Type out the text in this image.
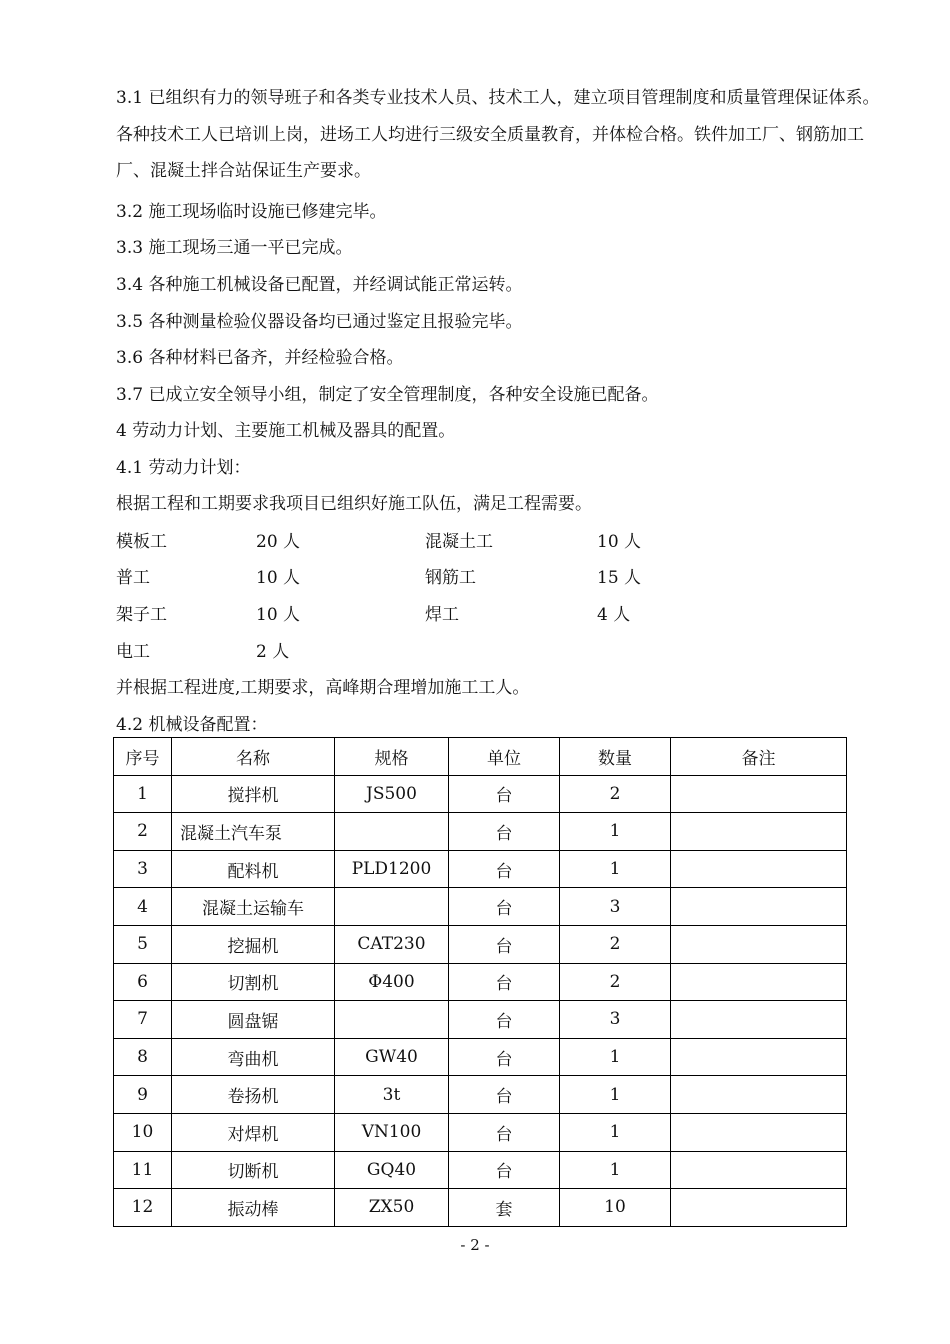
3.1 已组织有力的领导班子和各类专业技术人员、技术工人，建立项目管理制度和质量管理保证体系。各种技术工人已培训上岗，进场工人均进行三级安全质量教育，并体检合格。铁件加工厂、钢筋加工厂、混凝土拌合站保证生产要求。
3.2 施工现场临时设施已修建完毕。
3.3 施工现场三通一平已完成。
3.4 各种施工机械设备已配置，并经调试能正常运转。
3.5 各种测量检验仪器设备均已通过鉴定且报验完毕。
3.6 各种材料已备齐，并经检验合格。
3.7 已成立安全领导小组，制定了安全管理制度，各种安全设施已配备。
4 劳动力计划、主要施工机械及器具的配置。
4.1 劳动力计划：
根据工程和工期要求我项目已组织好施工队伍，满足工程需要。
模板工	20 人	混凝土工	10 人
普工	10 人	钢筋工	15 人
架子工	10 人	焊工	4 人
电工	2 人
并根据工程进度,工期要求，高峰期合理增加施工工人。
4.2 机械设备配置：
序号	名称	规格	单位	数量	备注
1	搅拌机	JS500	台	2	
2	混凝土汽车泵		台	1	
3	配料机	PLD1200	台	1	
4	混凝土运输车		台	3	
5	挖掘机	CAT230	台	2	
6	切割机	Φ400	台	2	
7	圆盘锯		台	3	
8	弯曲机	GW40	台	1	
9	卷扬机	3t	台	1	
10	对焊机	VN100	台	1	
11	切断机	GQ40	台	1	
12	振动棒	ZX50	套	10	
- 2 -
